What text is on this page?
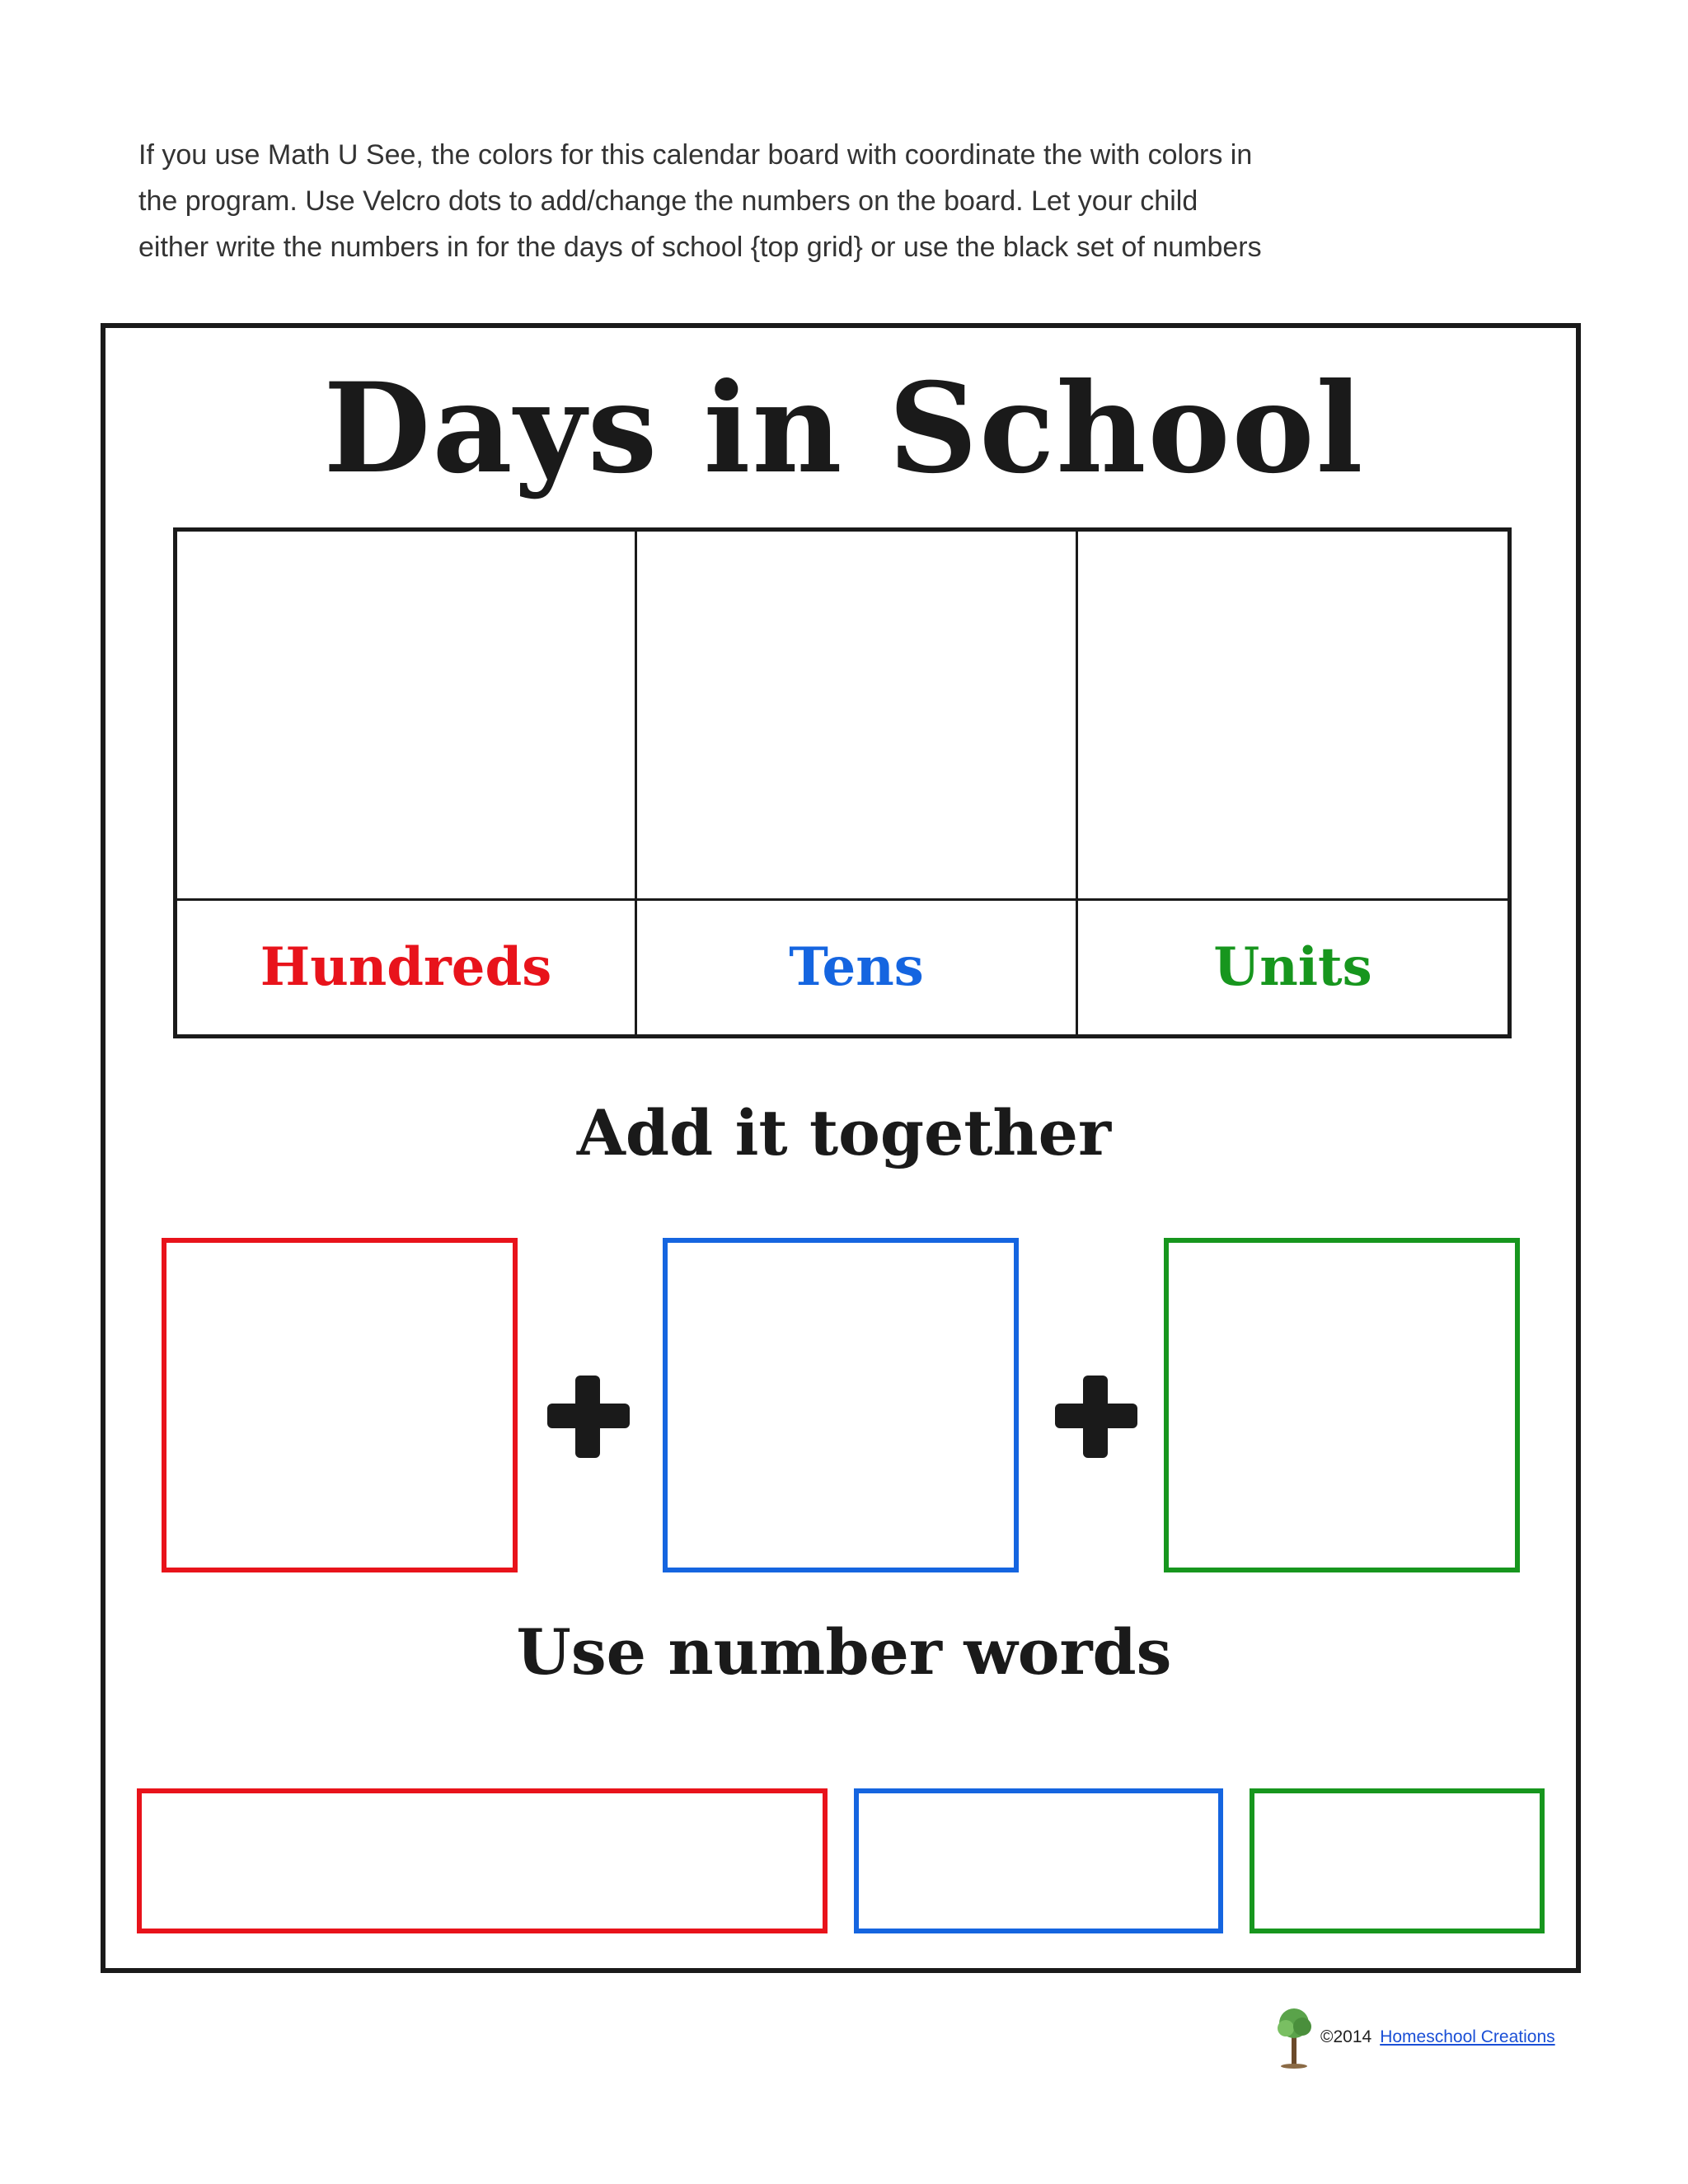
If you use Math U See, the colors for this calendar board with coordinate the with colors in
the program. Use Velcro dots to add/change the numbers on the board. Let your child
either write the numbers in for the days of school {top grid} or use the black set of numbers

Days in School
Hundreds	Tens	Units
Add it together
Use number words
©2014 Homeschool Creations
